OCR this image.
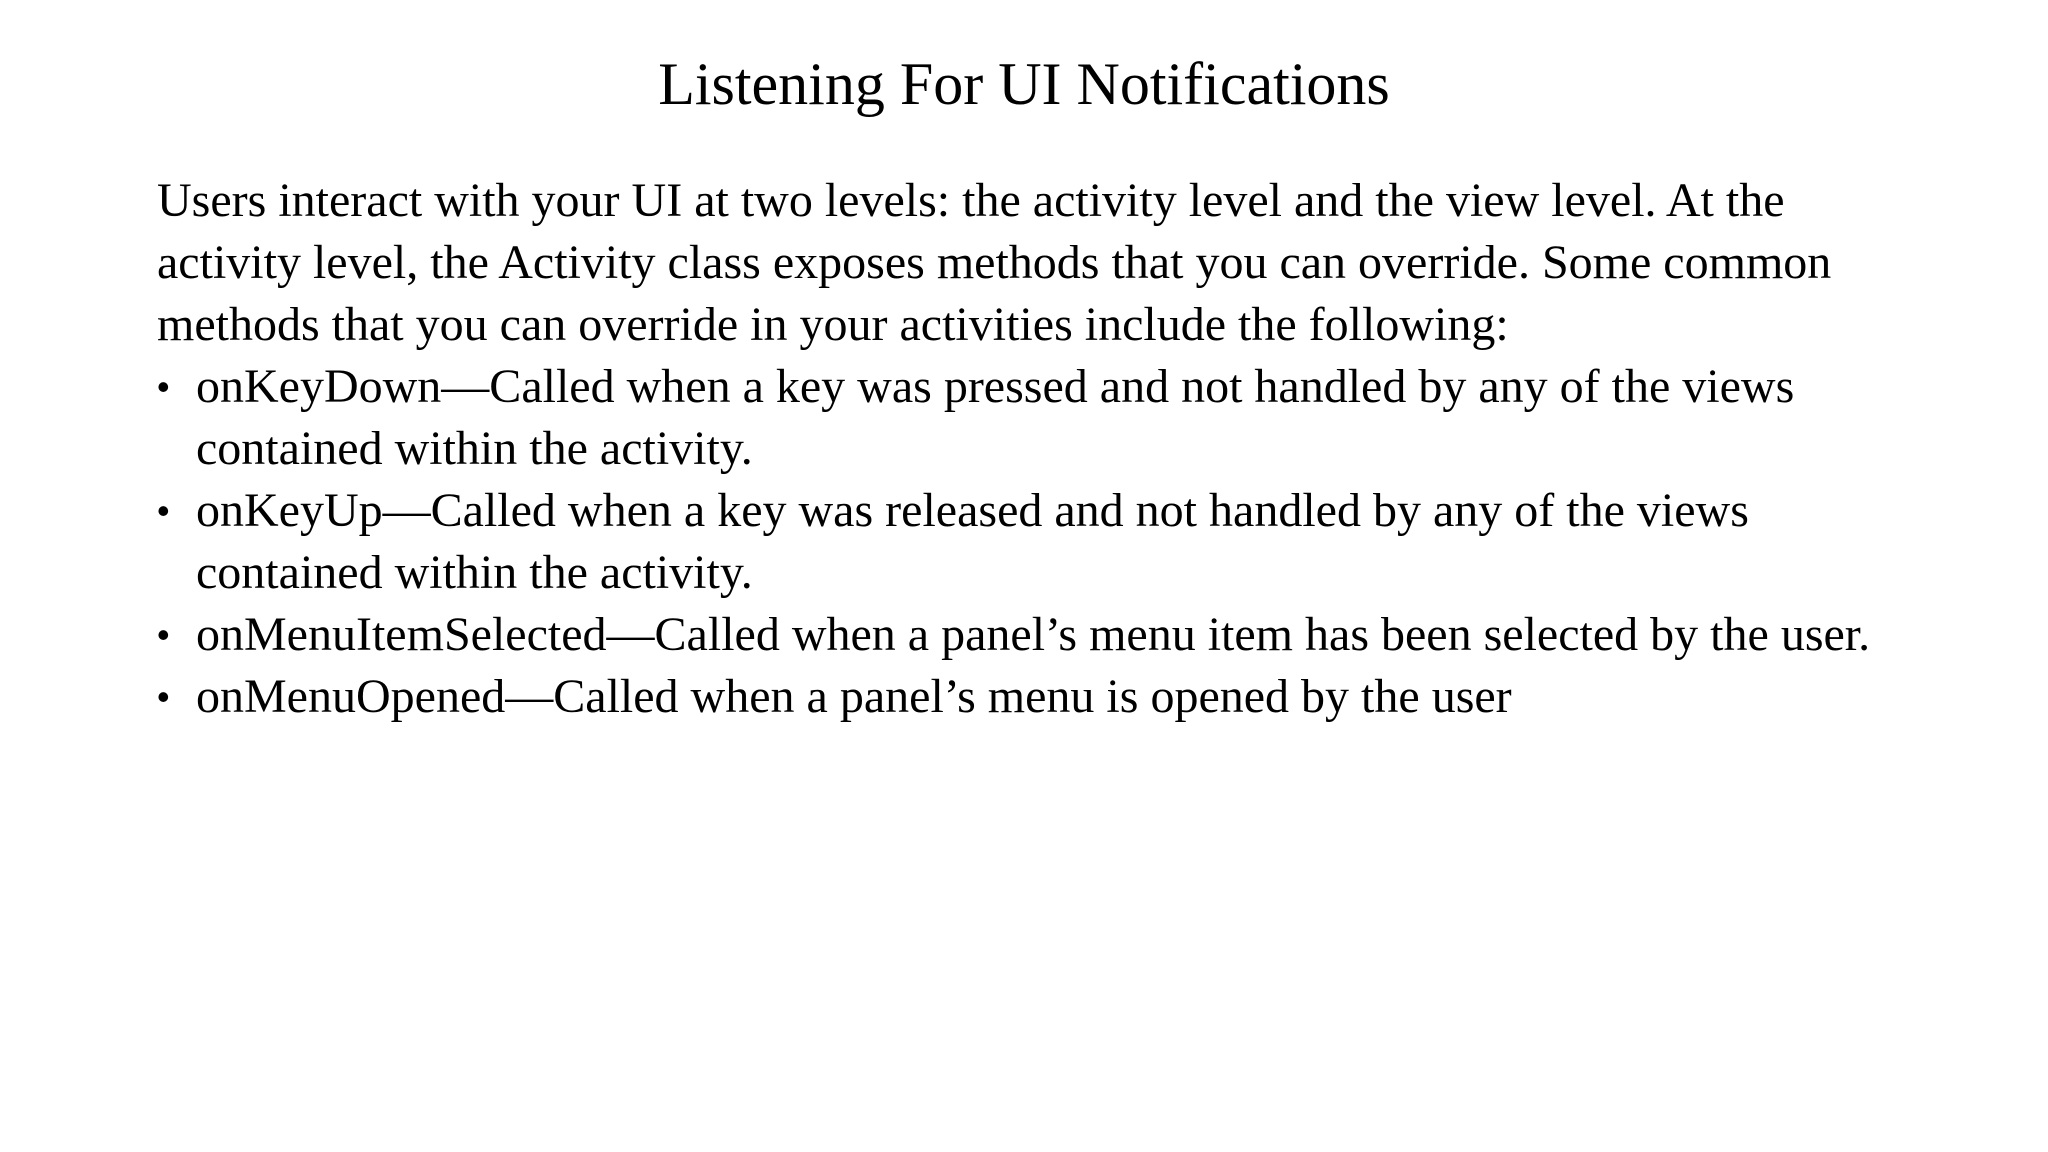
Listening For UI Notifications

Users interact with your UI at two levels: the activity level and the view level. At the activity level, the Activity class exposes methods that you can override. Some common methods that you can override in your activities include the following:

• onKeyDown—Called when a key was pressed and not handled by any of the views contained within the activity.
• onKeyUp—Called when a key was released and not handled by any of the views contained within the activity.
• onMenuItemSelected—Called when a panel’s menu item has been selected by the user.
• onMenuOpened—Called when a panel’s menu is opened by the user
